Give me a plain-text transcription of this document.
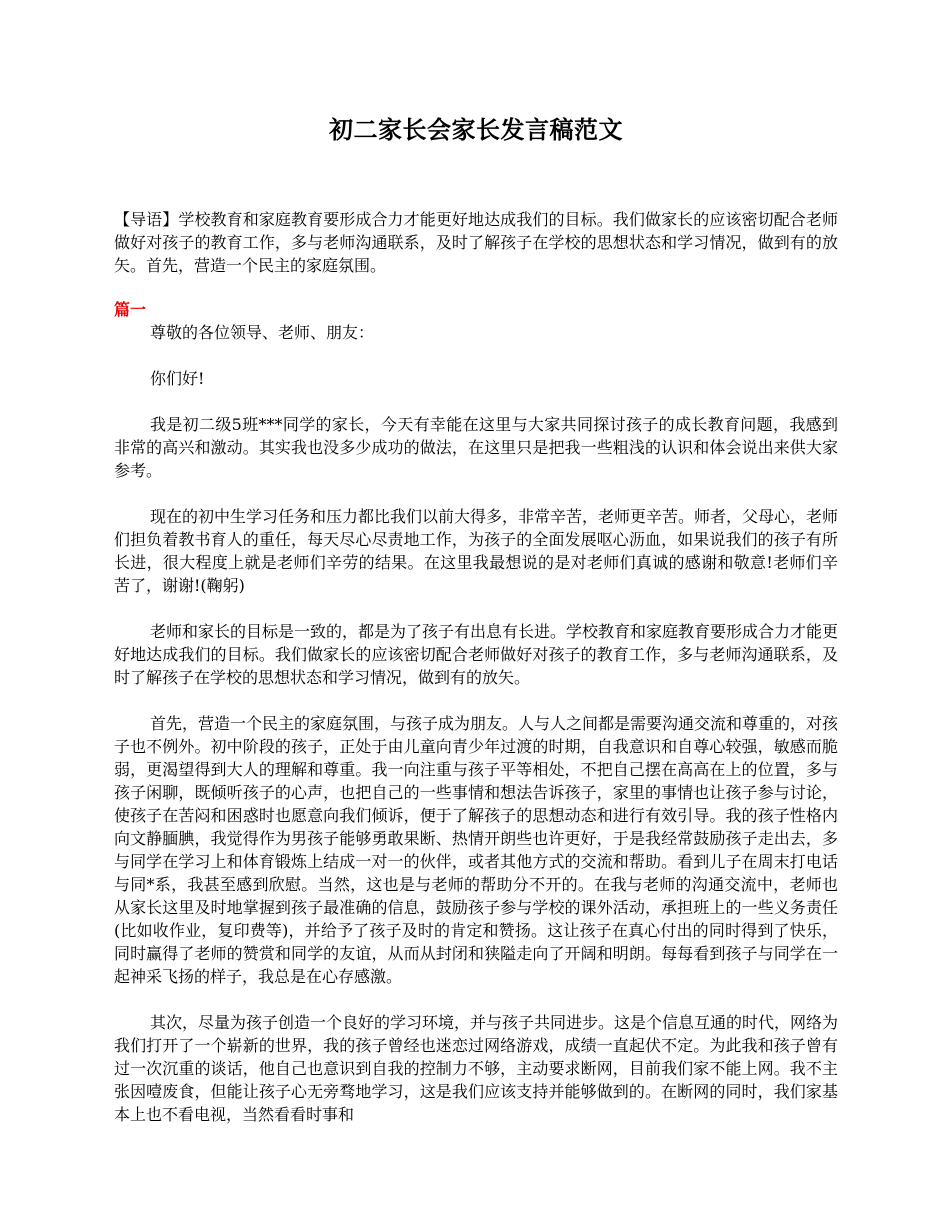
初二家长会家长发言稿范文

【导语】学校教育和家庭教育要形成合力才能更好地达成我们的目标。我们做家长的应该密切配合老师做好对孩子的教育工作，多与老师沟通联系，及时了解孩子在学校的思想状态和学习情况，做到有的放矢。首先，营造一个民主的家庭氛围。

篇一

尊敬的各位领导、老师、朋友：

你们好!

我是初二级5班***同学的家长，今天有幸能在这里与大家共同探讨孩子的成长教育问题，我感到非常的高兴和激动。其实我也没多少成功的做法，在这里只是把我一些粗浅的认识和体会说出来供大家参考。

现在的初中生学习任务和压力都比我们以前大得多，非常辛苦，老师更辛苦。师者，父母心，老师们担负着教书育人的重任，每天尽心尽责地工作，为孩子的全面发展呕心沥血，如果说我们的孩子有所长进，很大程度上就是老师们辛劳的结果。在这里我最想说的是对老师们真诚的感谢和敬意!老师们辛苦了，谢谢!(鞠躬)

老师和家长的目标是一致的，都是为了孩子有出息有长进。学校教育和家庭教育要形成合力才能更好地达成我们的目标。我们做家长的应该密切配合老师做好对孩子的教育工作，多与老师沟通联系，及时了解孩子在学校的思想状态和学习情况，做到有的放矢。

首先，营造一个民主的家庭氛围，与孩子成为朋友。人与人之间都是需要沟通交流和尊重的，对孩子也不例外。初中阶段的孩子，正处于由儿童向青少年过渡的时期，自我意识和自尊心较强，敏感而脆弱，更渴望得到大人的理解和尊重。我一向注重与孩子平等相处，不把自己摆在高高在上的位置，多与孩子闲聊，既倾听孩子的心声，也把自己的一些事情和想法告诉孩子，家里的事情也让孩子参与讨论，使孩子在苦闷和困惑时也愿意向我们倾诉，便于了解孩子的思想动态和进行有效引导。我的孩子性格内向文静腼腆，我觉得作为男孩子能够勇敢果断、热情开朗些也许更好，于是我经常鼓励孩子走出去，多与同学在学习上和体育锻炼上结成一对一的伙伴，或者其他方式的交流和帮助。看到儿子在周末打电话与同*系，我甚至感到欣慰。当然，这也是与老师的帮助分不开的。在我与老师的沟通交流中，老师也从家长这里及时地掌握到孩子最准确的信息，鼓励孩子参与学校的课外活动，承担班上的一些义务责任(比如收作业，复印费等)，并给予了孩子及时的肯定和赞扬。这让孩子在真心付出的同时得到了快乐，同时赢得了老师的赞赏和同学的友谊，从而从封闭和狭隘走向了开阔和明朗。每每看到孩子与同学在一起神采飞扬的样子，我总是在心存感激。

其次，尽量为孩子创造一个良好的学习环境，并与孩子共同进步。这是个信息互通的时代，网络为我们打开了一个崭新的世界，我的孩子曾经也迷恋过网络游戏，成绩一直起伏不定。为此我和孩子曾有过一次沉重的谈话，他自己也意识到自我的控制力不够，主动要求断网，目前我们家不能上网。我不主张因噎废食，但能让孩子心无旁骛地学习，这是我们应该支持并能够做到的。在断网的同时，我们家基本上也不看电视，当然看看时事和
